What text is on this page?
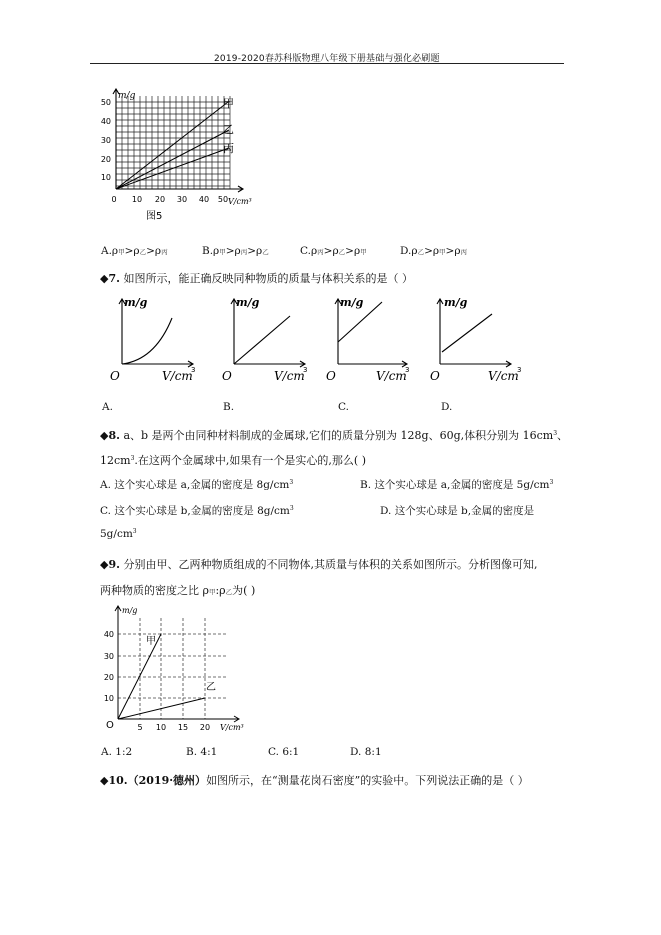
2019-2020春苏科版物理八年级下册基础与强化必刷题
m/g
50
40
30
20
10
0 10 20 30 40 50 V/cm³
甲
乙
丙
图5
A.ρ甲>ρ乙>ρ丙	B.ρ甲>ρ丙>ρ乙	C.ρ丙>ρ乙>ρ甲	D.ρ乙>ρ甲>ρ丙
◆7. 如图所示，能正确反映同种物质的质量与体积关系的是（ ）
m/g	m/g	m/g	m/g
O	V/cm O	V/cm O	V/cm O	V/cm
3	3	3	3
A.	B.	C.	D.
◆8. a、b 是两个由同种材料制成的金属球,它们的质量分别为 128g、60g,体积分别为 $16cm^3$、
$12cm^3$.在这两个金属球中,如果有一个是实心的,那么( )
A. 这个实心球是 a,金属的密度是 $8g/cm^3$	B. 这个实心球是 a,金属的密度是 $5g/cm^3$
C. 这个实心球是 b,金属的密度是 $8g/cm^3$	D. 这个实心球是 b,金属的密度是
$5g/cm^3$
◆9. 分别由甲、乙两种物质组成的不同物体,其质量与体积的关系如图所示。分析图像可知,
两种物质的密度之比 ρ甲:ρ乙为( )
m/g
40
30
20
10
O	5 10 15 20 V/cm³
甲
乙
A. 1:2	B. 4:1	C. 6:1	D. 8:1
◆10.（2019·德州）如图所示，在“测量花岗石密度”的实验中。下列说法正确的是（ ）
